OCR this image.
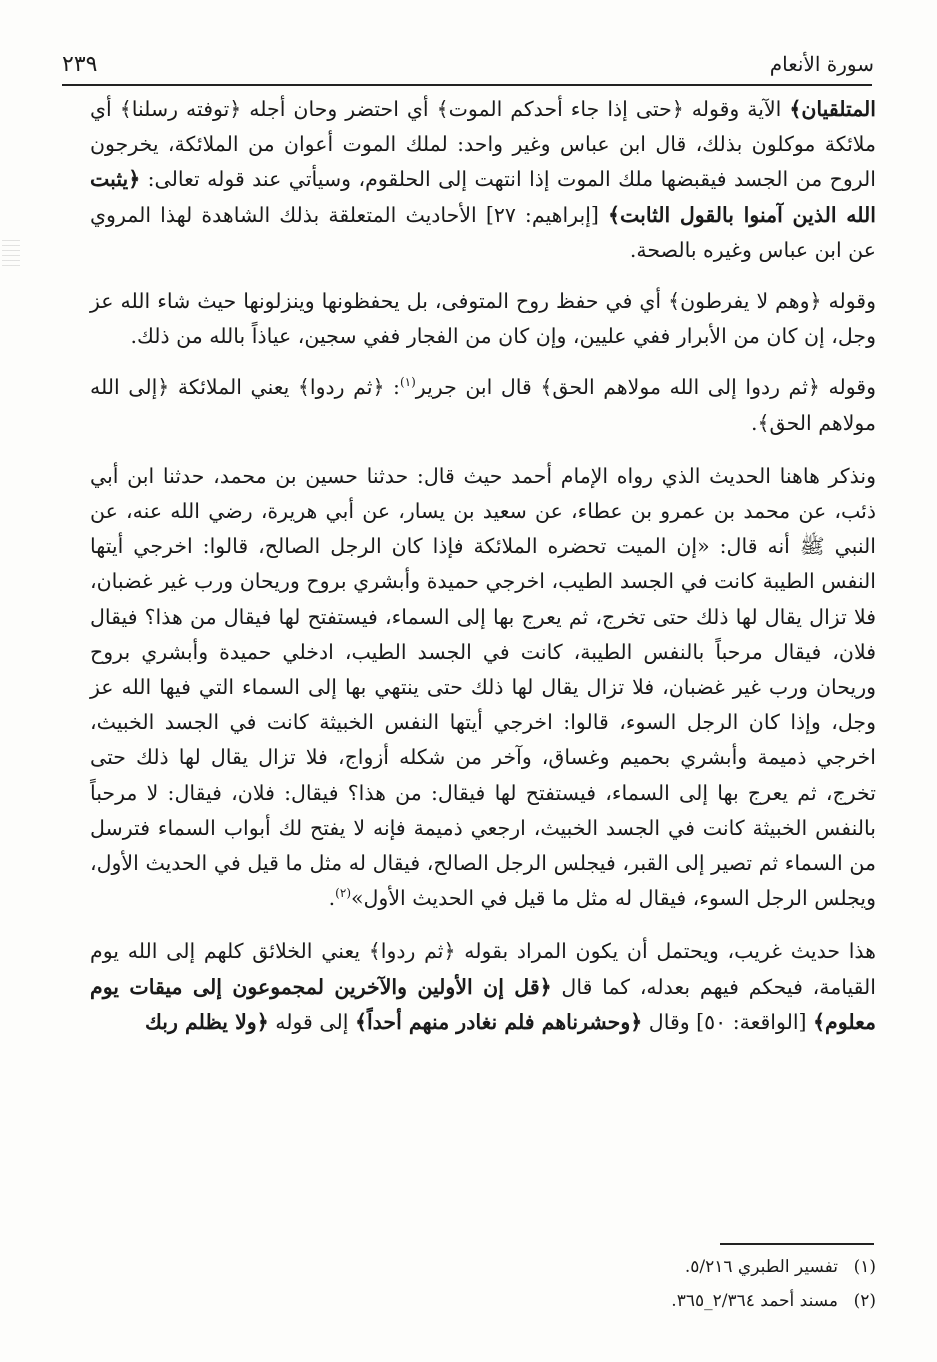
سورة الأنعام
٢٣٩

المتلقيان﴾ الآية وقوله ﴿حتى إذا جاء أحدكم الموت﴾ أي احتضر وحان أجله ﴿توفته رسلنا﴾ أي ملائكة موكلون بذلك، قال ابن عباس وغير واحد: لملك الموت أعوان من الملائكة، يخرجون الروح من الجسد فيقبضها ملك الموت إذا انتهت إلى الحلقوم، وسيأتي عند قوله تعالى: ﴿يثبت الله الذين آمنوا بالقول الثابت﴾ [إبراهيم: ٢٧] الأحاديث المتعلقة بذلك الشاهدة لهذا المروي عن ابن عباس وغيره بالصحة.

وقوله ﴿وهم لا يفرطون﴾ أي في حفظ روح المتوفى، بل يحفظونها وينزلونها حيث شاء الله عز وجل، إن كان من الأبرار ففي عليين، وإن كان من الفجار ففي سجين، عياذاً بالله من ذلك.

وقوله ﴿ثم ردوا إلى الله مولاهم الحق﴾ قال ابن جرير$^{(١)}$: ﴿ثم ردوا﴾ يعني الملائكة ﴿إلى الله مولاهم الحق﴾.

ونذكر هاهنا الحديث الذي رواه الإمام أحمد حيث قال: حدثنا حسين بن محمد، حدثنا ابن أبي ذئب، عن محمد بن عمرو بن عطاء، عن سعيد بن يسار، عن أبي هريرة، رضي الله عنه، عن النبي ﷺ أنه قال: «إن الميت تحضره الملائكة فإذا كان الرجل الصالح، قالوا: اخرجي أيتها النفس الطيبة كانت في الجسد الطيب، اخرجي حميدة وأبشري بروح وريحان ورب غير غضبان، فلا تزال يقال لها ذلك حتى تخرج، ثم يعرج بها إلى السماء، فيستفتح لها فيقال من هذا؟ فيقال فلان، فيقال مرحباً بالنفس الطيبة، كانت في الجسد الطيب، ادخلي حميدة وأبشري بروح وريحان ورب غير غضبان، فلا تزال يقال لها ذلك حتى ينتهي بها إلى السماء التي فيها الله عز وجل، وإذا كان الرجل السوء، قالوا: اخرجي أيتها النفس الخبيثة كانت في الجسد الخبيث، اخرجي ذميمة وأبشري بحميم وغساق، وآخر من شكله أزواج، فلا تزال يقال لها ذلك حتى تخرج، ثم يعرج بها إلى السماء، فيستفتح لها فيقال: من هذا؟ فيقال: فلان، فيقال: لا مرحباً بالنفس الخبيثة كانت في الجسد الخبيث، ارجعي ذميمة فإنه لا يفتح لك أبواب السماء فترسل من السماء ثم تصير إلى القبر، فيجلس الرجل الصالح، فيقال له مثل ما قيل في الحديث الأول، ويجلس الرجل السوء، فيقال له مثل ما قيل في الحديث الأول»$^{(٢)}$.

هذا حديث غريب، ويحتمل أن يكون المراد بقوله ﴿ثم ردوا﴾ يعني الخلائق كلهم إلى الله يوم القيامة، فيحكم فيهم بعدله، كما قال ﴿قل إن الأولين والآخرين لمجموعون إلى ميقات يوم معلوم﴾ [الواقعة: ٥٠] وقال ﴿وحشرناهم فلم نغادر منهم أحداً﴾ إلى قوله ﴿ولا يظلم ربك

(١)تفسير الطبري ٥/٢١٦.
(٢)مسند أحمد ٢/٣٦٤_٣٦٥.
